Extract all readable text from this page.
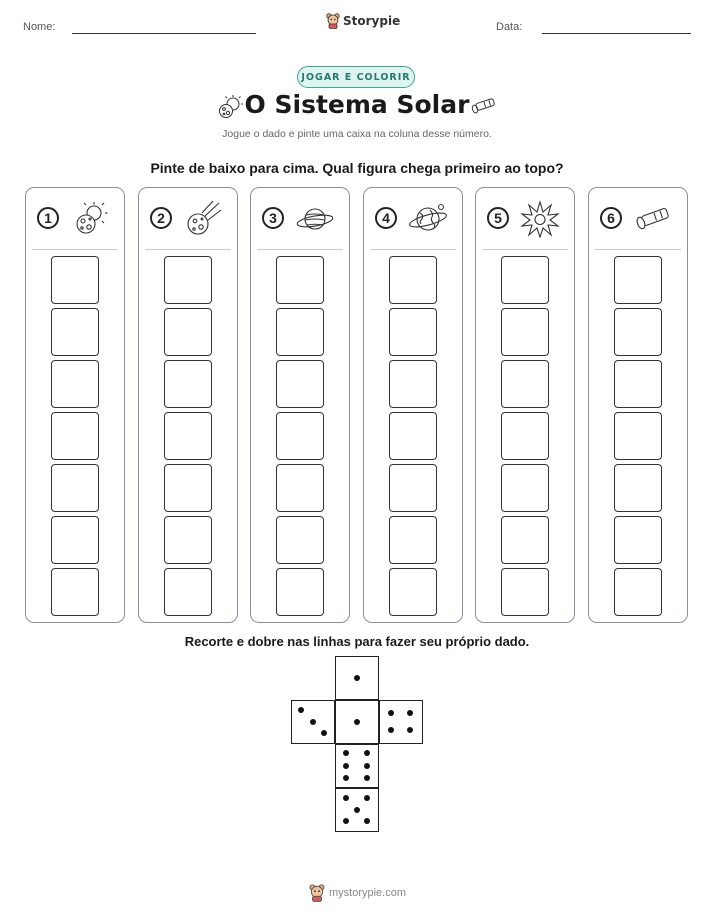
Nome:	Data:
Storypie
JOGAR E COLORIR
O Sistema Solar
Jogue o dado e pinte uma caixa na coluna desse número.
Pinte de baixo para cima. Qual figura chega primeiro ao topo?
1	2	3	4	5	6
Recorte e dobre nas linhas para fazer seu próprio dado.
mystorypie.com
